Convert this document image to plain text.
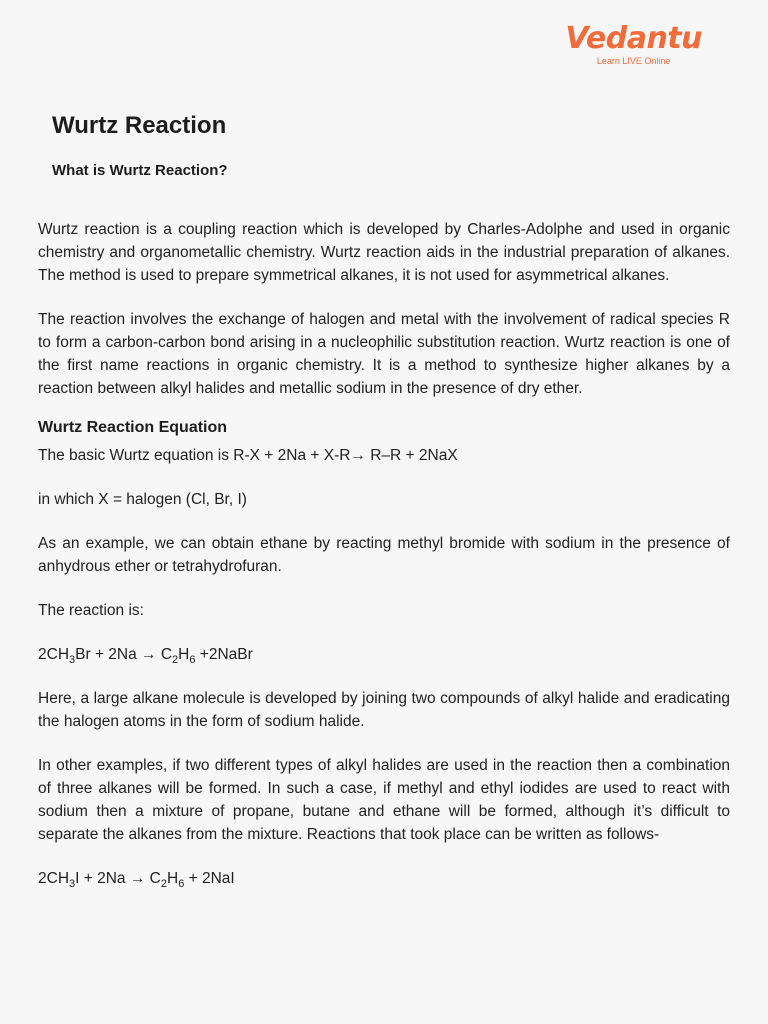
Vedantu
Learn LIVE Online
Wurtz Reaction
What is Wurtz Reaction?

Wurtz reaction is a coupling reaction which is developed by Charles-Adolphe and used in organic chemistry and organometallic chemistry. Wurtz reaction aids in the industrial preparation of alkanes. The method is used to prepare symmetrical alkanes, it is not used for asymmetrical alkanes.

The reaction involves the exchange of halogen and metal with the involvement of radical species R to form a carbon-carbon bond arising in a nucleophilic substitution reaction. Wurtz reaction is one of the first name reactions in organic chemistry. It is a method to synthesize higher alkanes by a reaction between alkyl halides and metallic sodium in the presence of dry ether.

Wurtz Reaction Equation

The basic Wurtz equation is R-X + 2Na + X-R→ R–R + 2NaX

in which X = halogen (Cl, Br, I)

As an example, we can obtain ethane by reacting methyl bromide with sodium in the presence of anhydrous ether or tetrahydrofuran.

The reaction is:

$2CH_3Br + 2Na \to C_2H_6$ +2NaBr

Here, a large alkane molecule is developed by joining two compounds of alkyl halide and eradicating the halogen atoms in the form of sodium halide.

In other examples, if two different types of alkyl halides are used in the reaction then a combination of three alkanes will be formed. In such a case, if methyl and ethyl iodides are used to react with sodium then a mixture of propane, butane and ethane will be formed, although it’s difficult to separate the alkanes from the mixture. Reactions that took place can be written as follows-

$2CH_3I + 2Na \to C_2H_6 + 2NaI$
